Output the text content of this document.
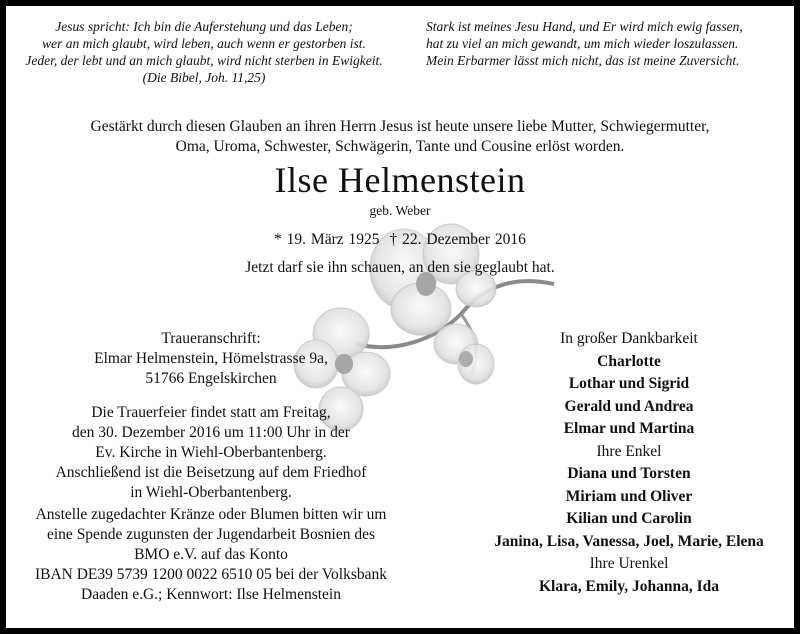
Jesus spricht: Ich bin die Auferstehung und das Leben;
wer an mich glaubt, wird leben, auch wenn er gestorben ist.
Jeder, der lebt und an mich glaubt, wird nicht sterben in Ewigkeit.
(Die Bibel, Joh. 11,25)
Stark ist meines Jesu Hand, und Er wird mich ewig fassen,
hat zu viel an mich gewandt, um mich wieder loszulassen.
Mein Erbarmer lässt mich nicht, das ist meine Zuversicht.
Gestärkt durch diesen Glauben an ihren Herrn Jesus ist heute unsere liebe Mutter, Schwiegermutter,
Oma, Uroma, Schwester, Schwägerin, Tante und Cousine erlöst worden.
Ilse Helmenstein
geb. Weber
* 19. März 1925 † 22. Dezember 2016
Jetzt darf sie ihn schauen, an den sie geglaubt hat.
Traueranschrift:
Elmar Helmenstein, Hömelstrasse 9a,
51766 Engelskirchen
Die Trauerfeier findet statt am Freitag,
den 30. Dezember 2016 um 11:00 Uhr in der
Ev. Kirche in Wiehl-Oberbantenberg.
Anschließend ist die Beisetzung auf dem Friedhof
in Wiehl-Oberbantenberg.
Anstelle zugedachter Kränze oder Blumen bitten wir um
eine Spende zugunsten der Jugendarbeit Bosnien des
BMO e.V. auf das Konto
IBAN DE39 5739 1200 0022 6510 05 bei der Volksbank
Daaden e.G.; Kennwort: Ilse Helmenstein
In großer Dankbarkeit
Charlotte
Lothar und Sigrid
Gerald und Andrea
Elmar und Martina
Ihre Enkel
Diana und Torsten
Miriam und Oliver
Kilian und Carolin
Janina, Lisa, Vanessa, Joel, Marie, Elena
Ihre Urenkel
Klara, Emily, Johanna, Ida
